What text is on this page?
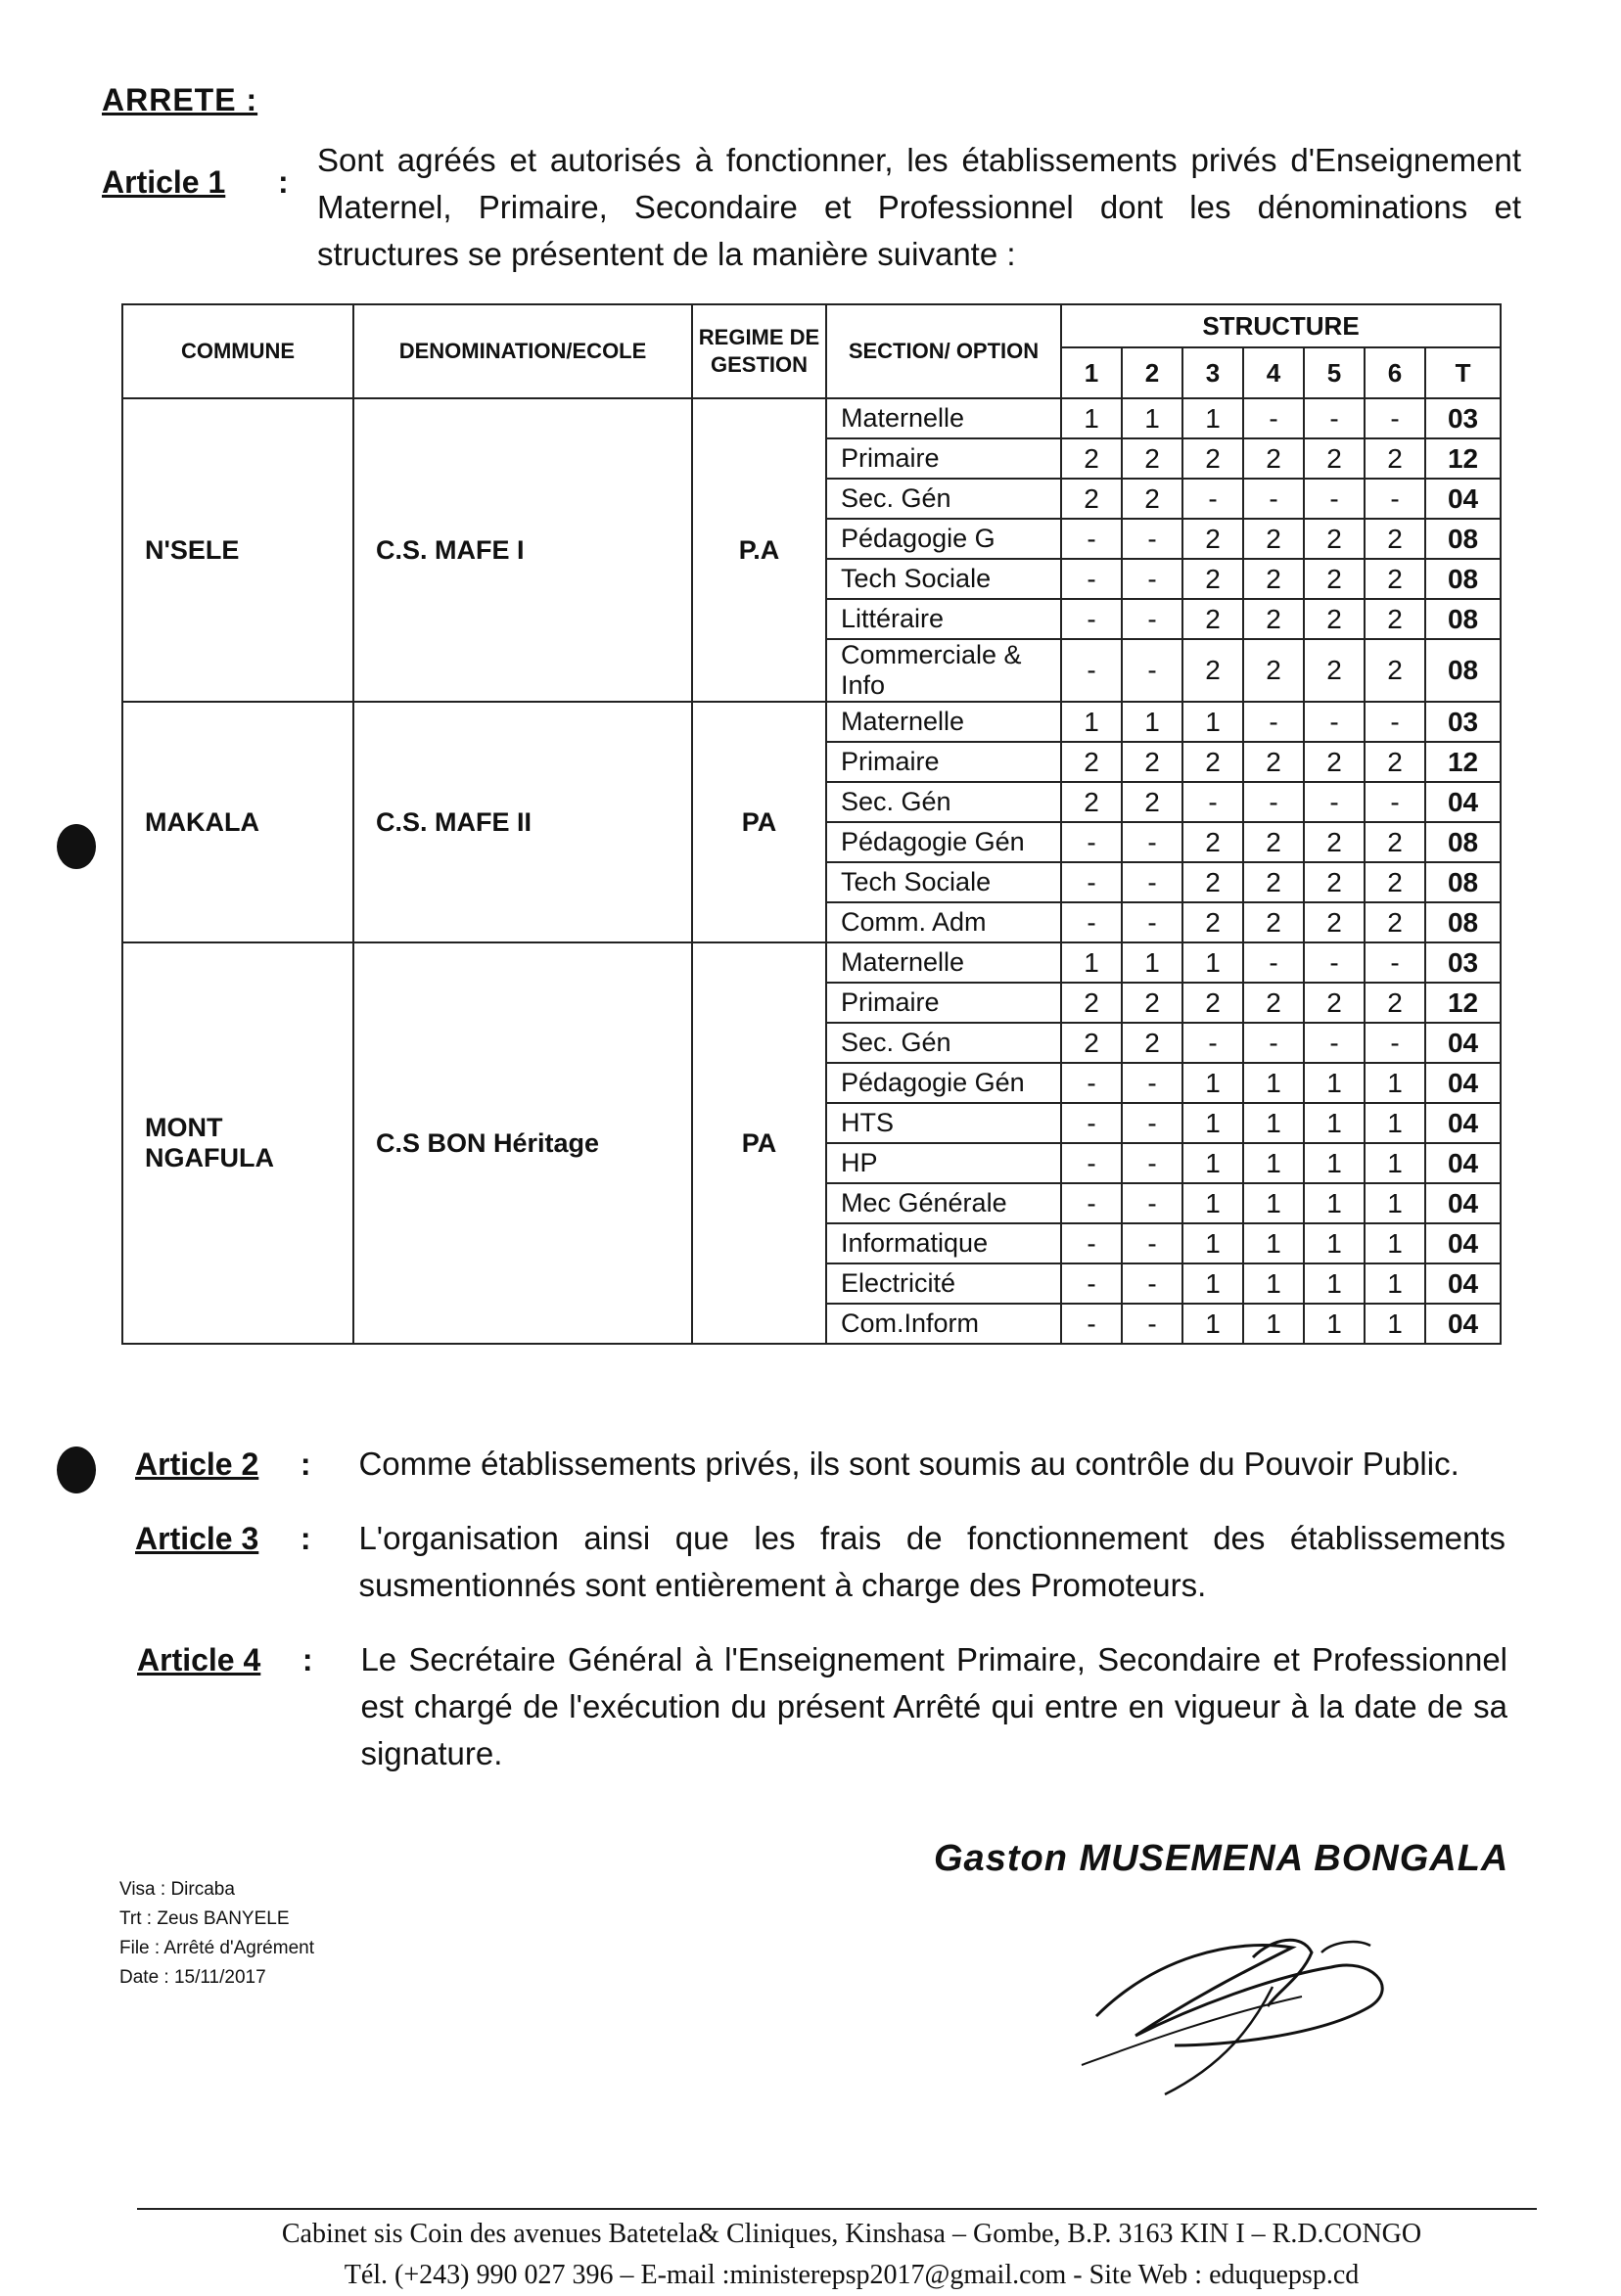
ARRETE :
Article 1	:
Sont agréés et autorisés à fonctionner, les établissements privés d'Enseignement Maternel, Primaire, Secondaire et Professionnel dont les dénominations et structures se présentent de la manière suivante :
COMMUNE	DENOMINATION/ECOLE	REGIME DE GESTION	SECTION/ OPTION	STRUCTURE						
				1	2	3	4	5	6	T
N'SELE	C.S. MAFE I	P.A	Maternelle	1	1	1	-	-	-	03
			Primaire	2	2	2	2	2	2	12
			Sec. Gén	2	2	-	-	-	-	04
			Pédagogie G	-	-	2	2	2	2	08
			Tech Sociale	-	-	2	2	2	2	08
			Littéraire	-	-	2	2	2	2	08
			Commerciale & Info	-	-	2	2	2	2	08
MAKALA	C.S. MAFE II	PA	Maternelle	1	1	1	-	-	-	03
			Primaire	2	2	2	2	2	2	12
			Sec. Gén	2	2	-	-	-	-	04
			Pédagogie Gén	-	-	2	2	2	2	08
			Tech Sociale	-	-	2	2	2	2	08
			Comm. Adm	-	-	2	2	2	2	08
MONT NGAFULA	C.S BON Héritage	PA	Maternelle	1	1	1	-	-	-	03
			Primaire	2	2	2	2	2	2	12
			Sec. Gén	2	2	-	-	-	-	04
			Pédagogie Gén	-	-	1	1	1	1	04
			HTS	-	-	1	1	1	1	04
			HP	-	-	1	1	1	1	04
			Mec Générale	-	-	1	1	1	1	04
			Informatique	-	-	1	1	1	1	04
			Electricité	-	-	1	1	1	1	04
			Com.Inform	-	-	1	1	1	1	04
Article 2	:	Comme établissements privés, ils sont soumis au contrôle du Pouvoir Public.
Article 3	:	L'organisation ainsi que les frais de fonctionnement des établissements susmentionnés sont entièrement à charge des Promoteurs.
Article 4	:	Le Secrétaire Général à l'Enseignement Primaire, Secondaire et Professionnel est chargé de l'exécution du présent Arrêté qui entre en vigueur à la date de sa signature.
Visa : Dircaba
Trt : Zeus BANYELE
File : Arrêté d'Agrément
Date : 15/11/2017
Gaston MUSEMENA BONGALA
Cabinet sis Coin des avenues Batetela& Cliniques, Kinshasa – Gombe, B.P. 3163 KIN I – R.D.CONGO
Tél. (+243) 990 027 396 – E-mail :ministerepsp2017@gmail.com - Site Web : eduquepsp.cd
